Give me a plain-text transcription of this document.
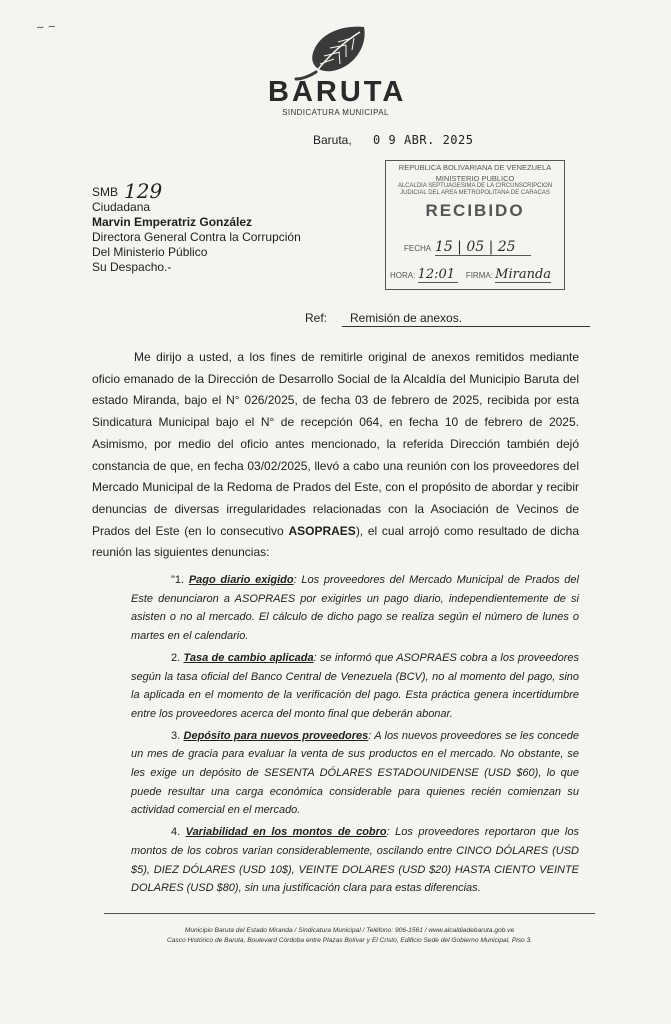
~ ~
BARUTA
SINDICATURA MUNICIPAL
Baruta, 0 9 ABR. 2025
SMB 129
Ciudadana
Marvin Emperatriz González
Directora General Contra la Corrupción
Del Ministerio Público
Su Despacho.-
REPUBLICA BOLIVARIANA DE VENEZUELA
MINISTERIO PUBLICO
ALCALDIA SEPTUAGESIMA DE LA CIRCUNSCRIPCION JUDICIAL DEL AREA METROPOLITANA DE CARACAS
RECIBIDO
FECHA 15 | 05 | 25
HORA: 12:01 FIRMA: Miranda
Ref:	Remisión de anexos.

Me dirijo a usted, a los fines de remitirle original de anexos remitidos mediante oficio emanado de la Dirección de Desarrollo Social de la Alcaldía del Municipio Baruta del estado Miranda, bajo el N° 026/2025, de fecha 03 de febrero de 2025, recibida por esta Sindicatura Municipal bajo el N° de recepción 064, en fecha 10 de febrero de 2025. Asimismo, por medio del oficio antes mencionado, la referida Dirección también dejó constancia de que, en fecha 03/02/2025, llevó a cabo una reunión con los proveedores del Mercado Municipal de la Redoma de Prados del Este, con el propósito de abordar y recibir denuncias de diversas irregularidades relacionadas con la Asociación de Vecinos de Prados del Este (en lo consecutivo ASOPRAES), el cual arrojó como resultado de dicha reunión las siguientes denuncias:

"1. Pago diario exigido: Los proveedores del Mercado Municipal de Prados del Este denunciaron a ASOPRAES por exigirles un pago diario, independientemente de si asisten o no al mercado. El cálculo de dicho pago se realiza según el número de lunes o martes en el calendario.

2. Tasa de cambio aplicada: se informó que ASOPRAES cobra a los proveedores según la tasa oficial del Banco Central de Venezuela (BCV), no al momento del pago, sino la aplicada en el momento de la verificación del pago. Esta práctica genera incertidumbre entre los proveedores acerca del monto final que deberán abonar.

3. Depósito para nuevos proveedores: A los nuevos proveedores se les concede un mes de gracia para evaluar la venta de sus productos en el mercado. No obstante, se les exige un depósito de SESENTA DÓLARES ESTADOUNIDENSE (USD $60), lo que puede resultar una carga económica considerable para quienes recién comienzan su actividad comercial en el mercado.

4. Variabilidad en los montos de cobro: Los proveedores reportaron que los montos de los cobros varían considerablemente, oscilando entre CINCO DÓLARES (USD $5), DIEZ DÓLARES (USD 10$), VEINTE DOLARES (USD $20) HASTA CIENTO VEINTE DOLARES (USD $80), sin una justificación clara para estas diferencias.

Municipio Baruta del Estado Miranda / Sindicatura Municipal / Teléfono: 906-1561 / www.alcaldiadebaruta.gob.ve
Casco Histórico de Baruta, Boulevard Córdoba entre Plazas Bolívar y El Cristo, Edificio Sede del Gobierno Municipal, Piso 3.
